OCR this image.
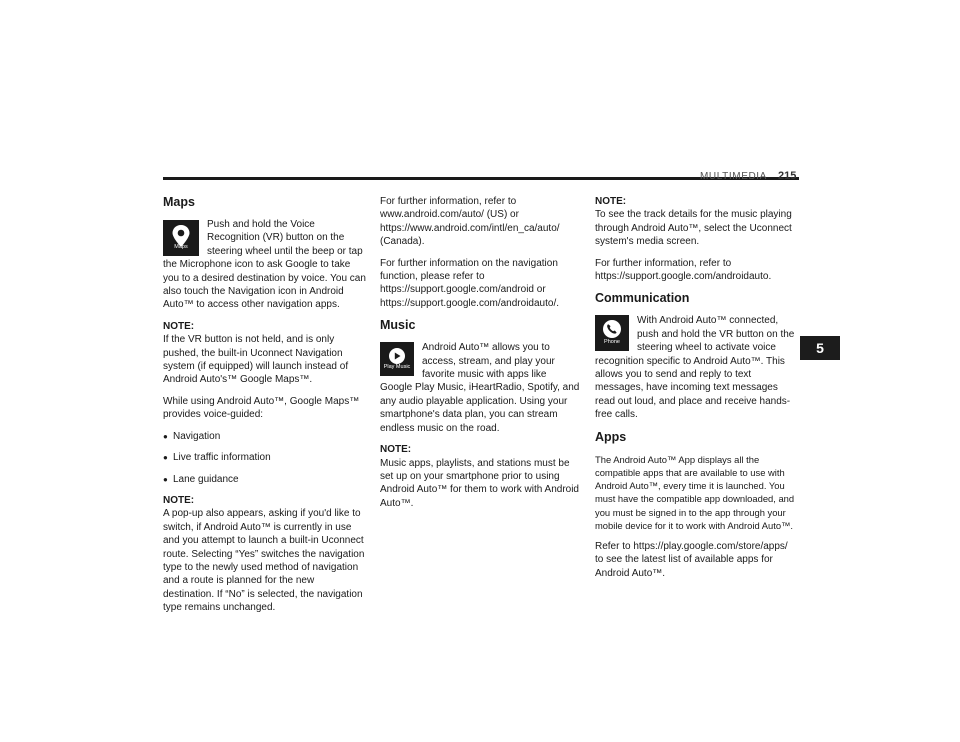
MULTIMEDIA 215
5
Maps
Maps

Push and hold the Voice Recognition (VR) button on the steering wheel until the beep or tap the Microphone icon to ask Google to take you to a desired destination by voice. You can also touch the Navigation icon in Android Auto™ to access other navigation apps.

NOTE:
If the VR button is not held, and is only pushed, the built-in Uconnect Navigation system (if equipped) will launch instead of Android Auto's™ Google Maps™.

While using Android Auto™, Google Maps™ provides voice-guided:

● Navigation
● Live traffic information
● Lane guidance

NOTE:
A pop-up also appears, asking if you'd like to switch, if Android Auto™ is currently in use and you attempt to launch a built-in Uconnect route. Selecting “Yes” switches the navigation type to the newly used method of navigation and a route is planned for the new destination. If “No” is selected, the navigation type remains unchanged.

For further information, refer to www.android.com/auto/ (US) or https://www.android.com/intl/en_ca/auto/ (Canada).

For further information on the navigation function, please refer to https://support.google.com/android or https://support.google.com/androidauto/.

Music
Play Music

Android Auto™ allows you to access, stream, and play your favorite music with apps like Google Play Music, iHeartRadio, Spotify, and any audio playable application. Using your smartphone's data plan, you can stream endless music on the road.

NOTE:
Music apps, playlists, and stations must be set up on your smartphone prior to using Android Auto™ for them to work with Android Auto™.

NOTE:
To see the track details for the music playing through Android Auto™, select the Uconnect system's media screen.

For further information, refer to https://support.google.com/androidauto.

Communication
Phone

With Android Auto™ connected, push and hold the VR button on the steering wheel to activate voice recognition specific to Android Auto™. This allows you to send and reply to text messages, have incoming text messages read out loud, and place and receive hands-free calls.

Apps

The Android Auto™ App displays all the compatible apps that are available to use with Android Auto™, every time it is launched. You must have the compatible app downloaded, and you must be signed in to the app through your mobile device for it to work with Android Auto™.

Refer to https://play.google.com/store/apps/ to see the latest list of available apps for Android Auto™.
